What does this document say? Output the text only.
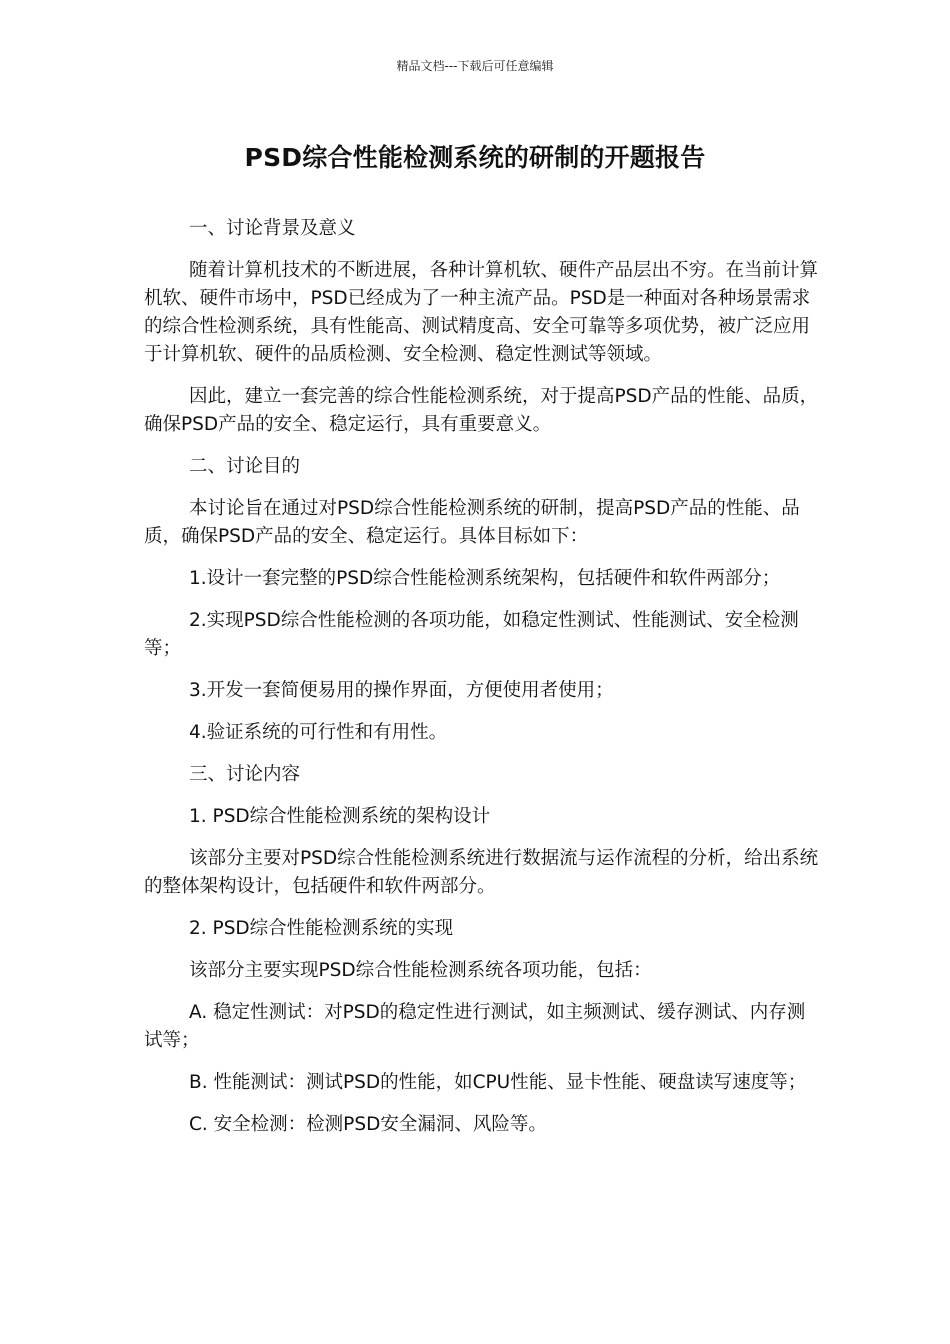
精品文档---下载后可任意编辑
PSD综合性能检测系统的研制的开题报告

一、讨论背景及意义

随着计算机技术的不断进展，各种计算机软、硬件产品层出不穷。在当前计算机软、硬件市场中，PSD已经成为了一种主流产品。PSD是一种面对各种场景需求的综合性检测系统，具有性能高、测试精度高、安全可靠等多项优势，被广泛应用于计算机软、硬件的品质检测、安全检测、稳定性测试等领域。

因此，建立一套完善的综合性能检测系统，对于提高PSD产品的性能、品质，确保PSD产品的安全、稳定运行，具有重要意义。

二、讨论目的

本讨论旨在通过对PSD综合性能检测系统的研制，提高PSD产品的性能、品质，确保PSD产品的安全、稳定运行。具体目标如下：

1.设计一套完整的PSD综合性能检测系统架构，包括硬件和软件两部分；

2.实现PSD综合性能检测的各项功能，如稳定性测试、性能测试、安全检测等；

3.开发一套简便易用的操作界面，方便使用者使用；

4.验证系统的可行性和有用性。

三、讨论内容

1. PSD综合性能检测系统的架构设计

该部分主要对PSD综合性能检测系统进行数据流与运作流程的分析，给出系统的整体架构设计，包括硬件和软件两部分。

2. PSD综合性能检测系统的实现

该部分主要实现PSD综合性能检测系统各项功能，包括：

A. 稳定性测试：对PSD的稳定性进行测试，如主频测试、缓存测试、内存测试等；

B. 性能测试：测试PSD的性能，如CPU性能、显卡性能、硬盘读写速度等；

C. 安全检测：检测PSD安全漏洞、风险等。
